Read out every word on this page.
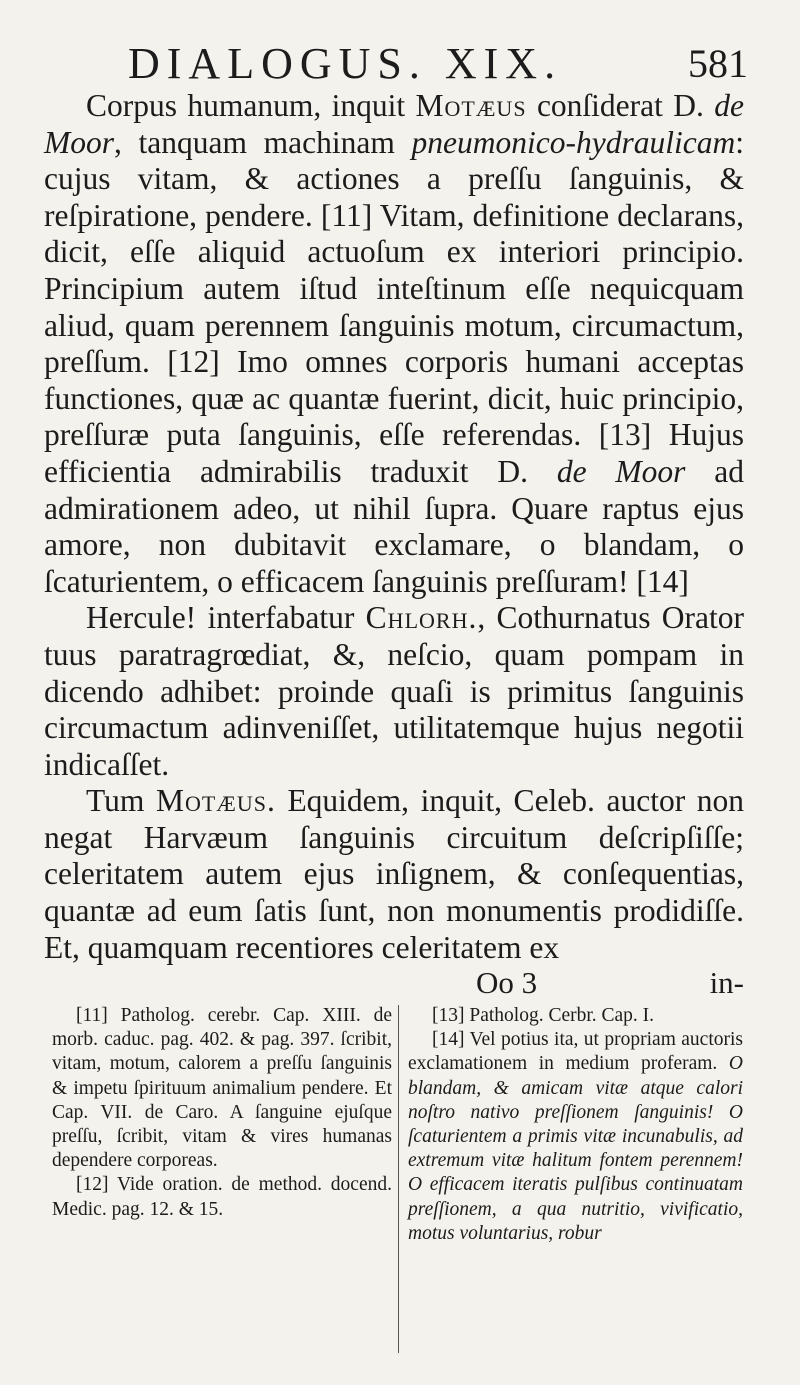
DIALOGUS. XIX.	581

Corpus humanum, inquit Motæus conſiderat D. de Moor, tanquam machinam pneumonico-hydraulicam: cujus vitam, & actiones a preſſu ſanguinis, & reſpiratione, pendere. [11] Vitam, definitione declarans, dicit, eſſe aliquid actuoſum ex interiori principio. Principium autem iſtud inteſtinum eſſe nequicquam aliud, quam perennem ſanguinis motum, circumactum, preſſum. [12] Imo omnes corporis humani acceptas functiones, quæ ac quantæ fuerint, dicit, huic principio, preſſuræ puta ſanguinis, eſſe referendas. [13] Hujus efficientia admirabilis traduxit D. de Moor ad admirationem adeo, ut nihil ſupra. Quare raptus ejus amore, non dubitavit exclamare, o blandam, o ſcaturientem, o efficacem ſanguinis preſſuram! [14]

Hercule! interfabatur Chlorh., Cothurnatus Orator tuus paratragrœdiat, &, neſcio, quam pompam in dicendo adhibet: proinde quaſi is primitus ſanguinis circumactum adinveniſſet, utilitatemque hujus negotii indicaſſet.

Tum Motæus. Equidem, inquit, Celeb. auctor non negat Harvæum ſanguinis circuitum deſcripſiſſe; celeritatem autem ejus inſignem, & conſequentias, quantæ ad eum ſatis ſunt, non monumentis prodidiſſe. Et, quamquam recentiores celeritatem ex

Oo 3	in-

[11] Patholog. cerebr. Cap. XIII. de morb. caduc. pag. 402. & pag. 397. ſcribit, vitam, motum, calorem a preſſu ſanguinis & impetu ſpirituum animalium pendere. Et Cap. VII. de Caro. A ſanguine ejuſque preſſu, ſcribit, vitam & vires humanas dependere corporeas.

[12] Vide oration. de method. docend. Medic. pag. 12. & 15.

[13] Patholog. Cerbr. Cap. I.

[14] Vel potius ita, ut propriam auctoris exclamationem in medium proferam. O blandam, & amicam vitæ atque calori noſtro nativo preſſionem ſanguinis! O ſcaturientem a primis vitæ incunabulis, ad extremum vitæ halitum fontem perennem! O efficacem iteratis pulſibus continuatam preſſionem, a qua nutritio, vivificatio, motus voluntarius, robur
